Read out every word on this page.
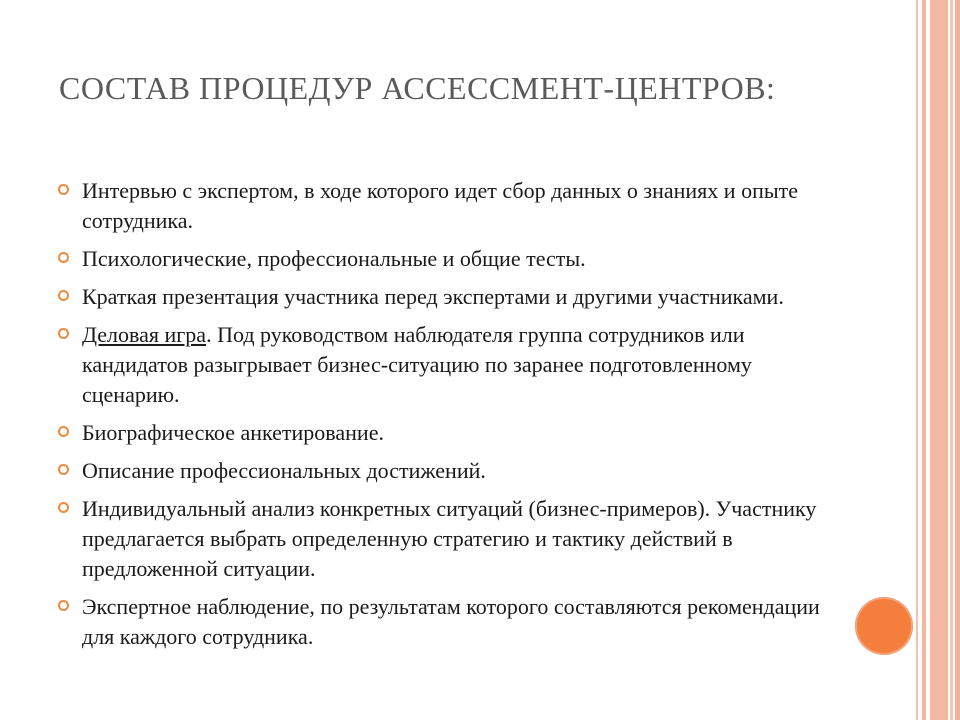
СОСТАВ ПРОЦЕДУР АССЕССМЕНТ-ЦЕНТРОВ:
Интервью с экспертом, в ходе которого идет сбор данных о знаниях и опыте сотрудника.
Психологические, профессиональные и общие тесты.
Краткая презентация участника перед экспертами и другими участниками.
Деловая игра. Под руководством наблюдателя группа сотрудников или кандидатов разыгрывает бизнес-ситуацию по заранее подготовленному сценарию.
Биографическое анкетирование.
Описание профессиональных достижений.
Индивидуальный анализ конкретных ситуаций (бизнес-примеров). Участнику предлагается выбрать определенную стратегию и тактику действий в предложенной ситуации.
Экспертное наблюдение, по результатам которого составляются рекомендации для каждого сотрудника.
